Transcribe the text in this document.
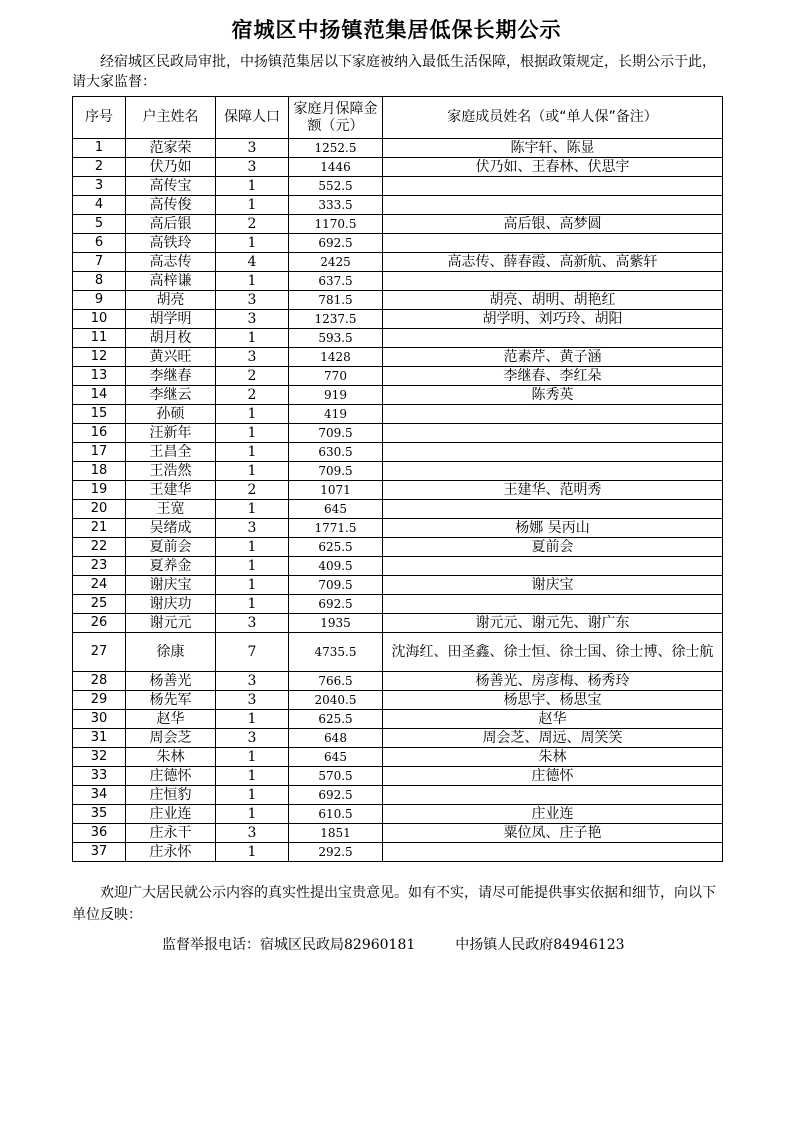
宿城区中扬镇范集居低保长期公示
经宿城区民政局审批，中扬镇范集居以下家庭被纳入最低生活保障，根据政策规定，长期公示于此，请大家监督：
序号	户主姓名	保障人口	家庭月保障金额（元）	家庭成员姓名（或“单人保”备注）
1	范家荣	3	1252.5	陈宇轩、陈显
2	伏乃如	3	1446	伏乃如、王春林、伏思宇
3	高传宝	1	552.5	
4	高传俊	1	333.5	
5	高后银	2	1170.5	高后银、高梦圆
6	高铁玲	1	692.5	
7	高志传	4	2425	高志传、薛春霞、高新航、高紫轩
8	高梓谦	1	637.5	
9	胡亮	3	781.5	胡亮、胡明、胡艳红
10	胡学明	3	1237.5	胡学明、刘巧玲、胡阳
11	胡月枚	1	593.5	
12	黄兴旺	3	1428	范素芹、黄子涵
13	李继春	2	770	李继春、李红朵
14	李继云	2	919	陈秀英
15	孙硕	1	419	
16	汪新年	1	709.5	
17	王昌全	1	630.5	
18	王浩然	1	709.5	
19	王建华	2	1071	王建华、范明秀
20	王宽	1	645	
21	吴绪成	3	1771.5	杨娜 吴丙山
22	夏前会	1	625.5	夏前会
23	夏养金	1	409.5	
24	谢庆宝	1	709.5	谢庆宝
25	谢庆功	1	692.5	
26	谢元元	3	1935	谢元元、谢元先、谢广东
27	徐康	7	4735.5	沈海红、田圣鑫、徐士恒、徐士国、徐士博、徐士航
28	杨善光	3	766.5	杨善光、房彦梅、杨秀玲
29	杨先军	3	2040.5	杨思宇、杨思宝
30	赵华	1	625.5	赵华
31	周会芝	3	648	周会芝、周远、周笑笑
32	朱林	1	645	朱林
33	庄德怀	1	570.5	庄德怀
34	庄恒豹	1	692.5	
35	庄业连	1	610.5	庄业连
36	庄永干	3	1851	粟位凤、庄子艳
37	庄永怀	1	292.5	
欢迎广大居民就公示内容的真实性提出宝贵意见。如有不实，请尽可能提供事实依据和细节，向以下单位反映：
监督举报电话：宿城区民政局82960181	中扬镇人民政府84946123
